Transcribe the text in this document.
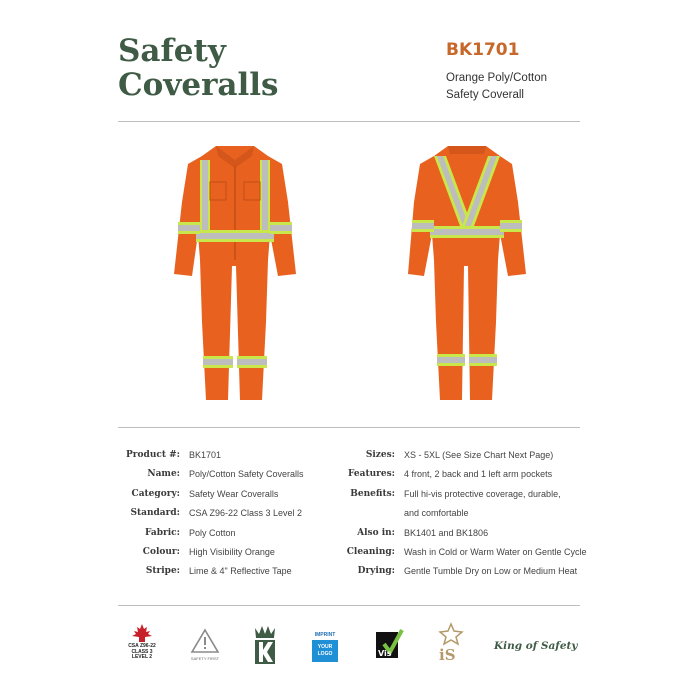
Safety
Coveralls
BK1701
Orange Poly/Cotton
Safety Coverall
Product #:	BK1701
Name:	Poly/Cotton Safety Coveralls
Category:	Safety Wear Coveralls
Standard:	CSA Z96-22 Class 3 Level 2
Fabric:	Poly Cotton
Colour:	High Visibility Orange
Stripe:	Lime & 4" Reflective Tape
Sizes:	XS - 5XL (See Size Chart Next Page)
Features:	4 front, 2 back and 1 left arm pockets
Benefits:	Full hi-vis protective coverage, durable,
and comfortable
Also in:	BK1401 and BK1806
Cleaning:	Wash in Cold or Warm Water on Gentle Cycle
Drying:	Gentle Tumble Dry on Low or Medium Heat
CSA Z96-22
CLASS 3
LEVEL 2	SAFETY FIRST
IMPRINT
YOUR LOGO	Vis	iS	King of Safety
